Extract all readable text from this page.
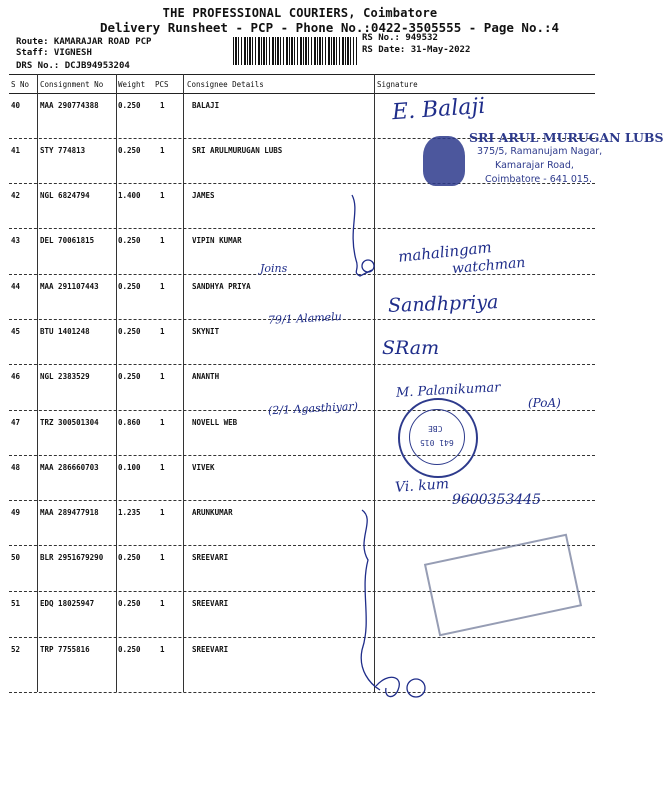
THE PROFESSIONAL COURIERS, Coimbatore
Delivery Runsheet - PCP - Phone No.:0422-3505555 - Page No.:4
Route: KAMARAJAR ROAD PCP
Staff: VIGNESH
DRS No.: DCJB94953204
RS No.: 949532
RS Date: 31-May-2022
S No Consignment No Weight PCS Consignee Details	Signature
40	MAA 290774388	0.250	1	BALAJI
41	STY 774813	0.250	1	SRI ARULMURUGAN LUBS
42	NGL 6824794	1.400	1	JAMES
43	DEL 70061815	0.250	1	VIPIN KUMAR
44	MAA 291107443	0.250	1	SANDHYA PRIYA
45	BTU 1401248	0.250	1	SKYNIT
46	NGL 2383529	0.250	1	ANANTH
47	TRZ 300501304	0.860	1	NOVELL WEB
48	MAA 286660703	0.100	1	VIVEK
49	MAA 289477918	1.235	1	ARUNKUMAR
50	BLR 2951679290 0.250	1	SREEVARI
51	EDQ 18025947	0.250	1	SREEVARI
52	TRP 7755816	0.250	1	SREEVARI
E. Balaji
Joins
mahalingam
watchman
79/1 Alamelu
Sandhpriya
SRam
M. Palanikumar
(PoA)
(2/1 Agasthiyar)
Vi. kum
9600353445
SRI ARUL MURUGAN LUBS
375/5, Ramanujam Nagar,
Kamarajar Road,
Coimbatore - 641 015.
CBE
641 015
